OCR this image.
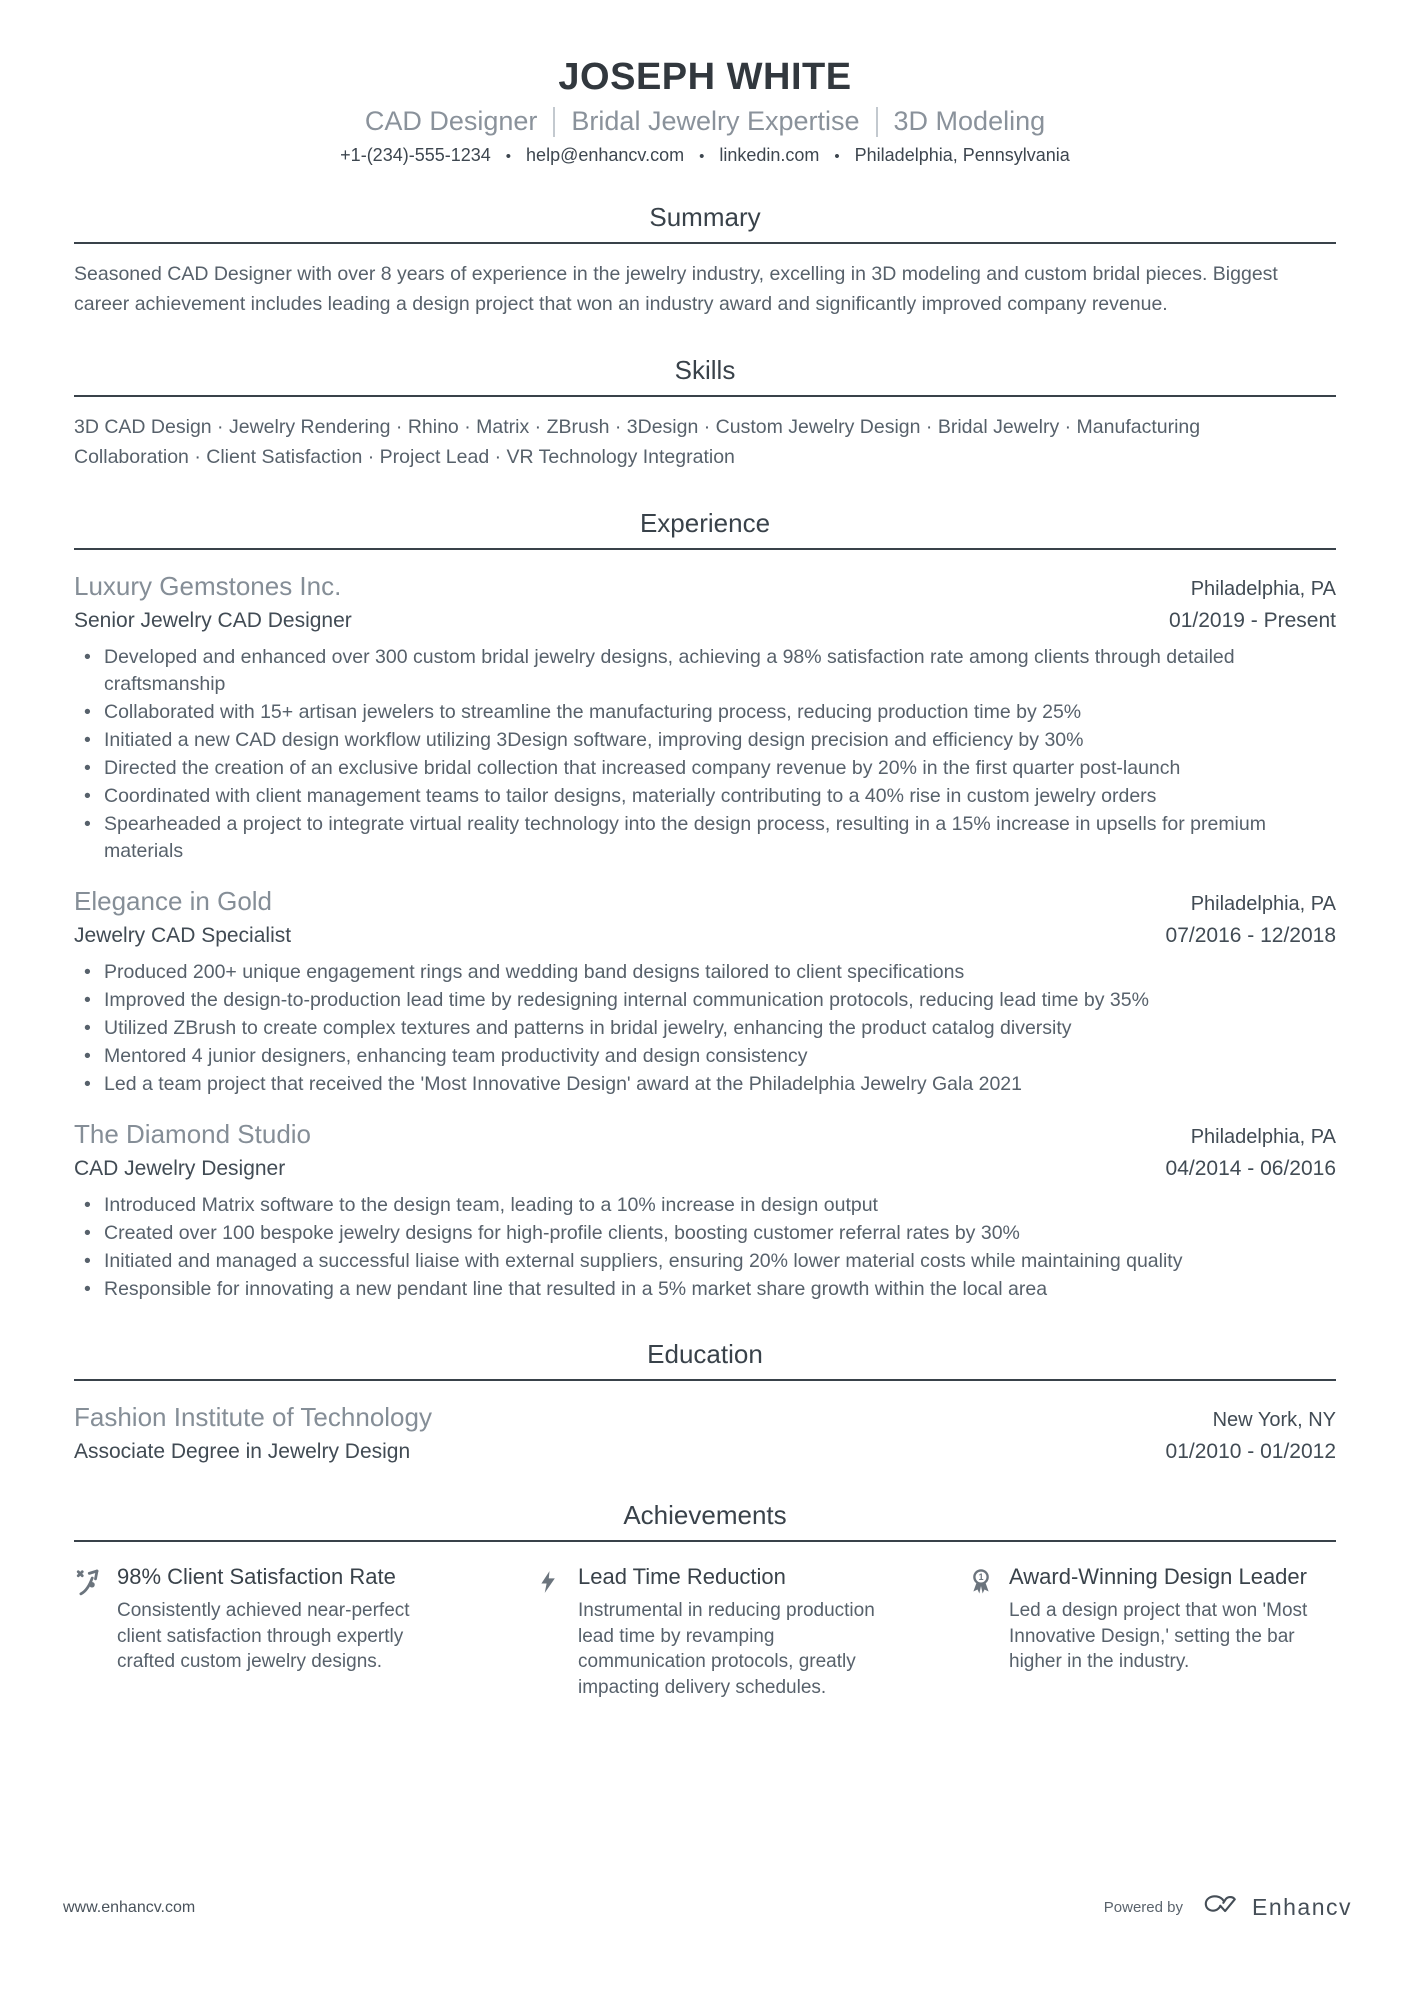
JOSEPH WHITE
CAD Designer Bridal Jewelry Expertise 3D Modeling
+1-(234)-555-1234	• help@enhancv.com	• linkedin.com	• Philadelphia, Pennsylvania
Summary

Seasoned CAD Designer with over 8 years of experience in the jewelry industry, excelling in 3D modeling and custom bridal pieces. Biggest career achievement includes leading a design project that won an industry award and significantly improved company revenue.

Skills

3D CAD Design · Jewelry Rendering · Rhino · Matrix · ZBrush · 3Design · Custom Jewelry Design · Bridal Jewelry · Manufacturing Collaboration · Client Satisfaction · Project Lead · VR Technology Integration

Experience
Luxury Gemstones Inc.	Philadelphia, PA
Senior Jewelry CAD Designer	01/2019 - Present
• Developed and enhanced over 300 custom bridal jewelry designs, achieving a 98% satisfaction rate among clients through detailed craftsmanship
• Collaborated with 15+ artisan jewelers to streamline the manufacturing process, reducing production time by 25%
• Initiated a new CAD design workflow utilizing 3Design software, improving design precision and efficiency by 30%
• Directed the creation of an exclusive bridal collection that increased company revenue by 20% in the first quarter post-launch
• Coordinated with client management teams to tailor designs, materially contributing to a 40% rise in custom jewelry orders
• Spearheaded a project to integrate virtual reality technology into the design process, resulting in a 15% increase in upsells for premium materials
Elegance in Gold	Philadelphia, PA
Jewelry CAD Specialist	07/2016 - 12/2018
• Produced 200+ unique engagement rings and wedding band designs tailored to client specifications
• Improved the design-to-production lead time by redesigning internal communication protocols, reducing lead time by 35%
• Utilized ZBrush to create complex textures and patterns in bridal jewelry, enhancing the product catalog diversity
• Mentored 4 junior designers, enhancing team productivity and design consistency
• Led a team project that received the 'Most Innovative Design' award at the Philadelphia Jewelry Gala 2021
The Diamond Studio	Philadelphia, PA
CAD Jewelry Designer	04/2014 - 06/2016
• Introduced Matrix software to the design team, leading to a 10% increase in design output
• Created over 100 bespoke jewelry designs for high-profile clients, boosting customer referral rates by 30%
• Initiated and managed a successful liaise with external suppliers, ensuring 20% lower material costs while maintaining quality
• Responsible for innovating a new pendant line that resulted in a 5% market share growth within the local area
Education
Fashion Institute of Technology	New York, NY
Associate Degree in Jewelry Design	01/2010 - 01/2012
Achievements
98% Client Satisfaction Rate

Consistently achieved near-perfect client satisfaction through expertly crafted custom jewelry designs.

Lead Time Reduction

Instrumental in reducing production lead time by revamping communication protocols, greatly impacting delivery schedules.

1 Award-Winning Design Leader

Led a design project that won 'Most Innovative Design,' setting the bar higher in the industry.

www.enhancv.com	Powered by	Enhancv
